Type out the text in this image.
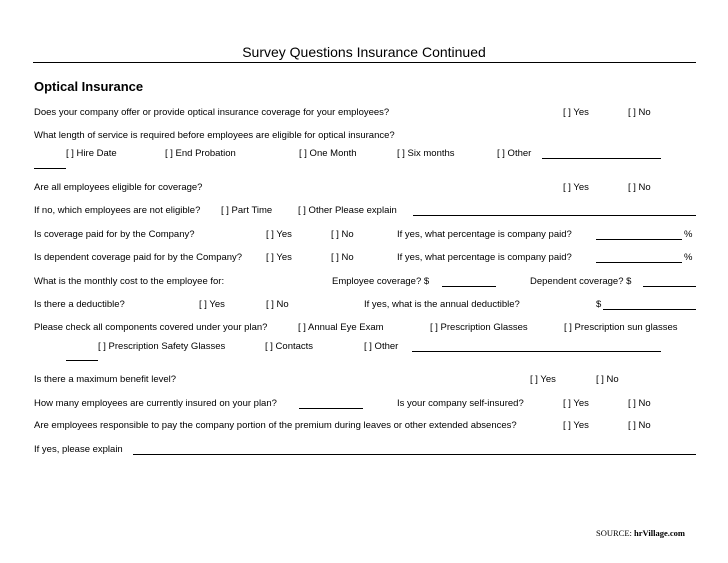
Survey Questions Insurance Continued
Optical Insurance
Does your company offer or provide optical insurance coverage for your employees?	[ ] Yes	[ ] No
What length of service is required before employees are eligible for optical insurance?
[ ] Hire Date	[ ] End Probation	[ ] One Month	[ ] Six months	[ ] Other
Are all employees eligible for coverage?	[ ] Yes	[ ] No
If no, which employees are not eligible? [ ] Part Time	[ ] Other Please explain
Is coverage paid for by the Company?	[ ] Yes	[ ] No	If yes, what percentage is company paid?	%
Is dependent coverage paid for by the Company?	[ ] Yes	[ ] No	If yes, what percentage is company paid?	%
What is the monthly cost to the employee for:	Employee coverage? $	Dependent coverage? $
Is there a deductible?	[ ] Yes	[ ] No	If yes, what is the annual deductible?	$
Please check all components covered under your plan?	[ ] Annual Eye Exam	[ ] Prescription Glasses	[ ] Prescription sun glasses
[ ] Prescription Safety Glasses	[ ] Contacts	[ ] Other
Is there a maximum benefit level?	[ ] Yes	[ ] No
How many employees are currently insured on your plan?	Is your company self-insured?	[ ] Yes	[ ] No
Are employees responsible to pay the company portion of the premium during leaves or other extended absences?	[ ] Yes	[ ] No
If yes, please explain
SOURCE: hrVillage.com
